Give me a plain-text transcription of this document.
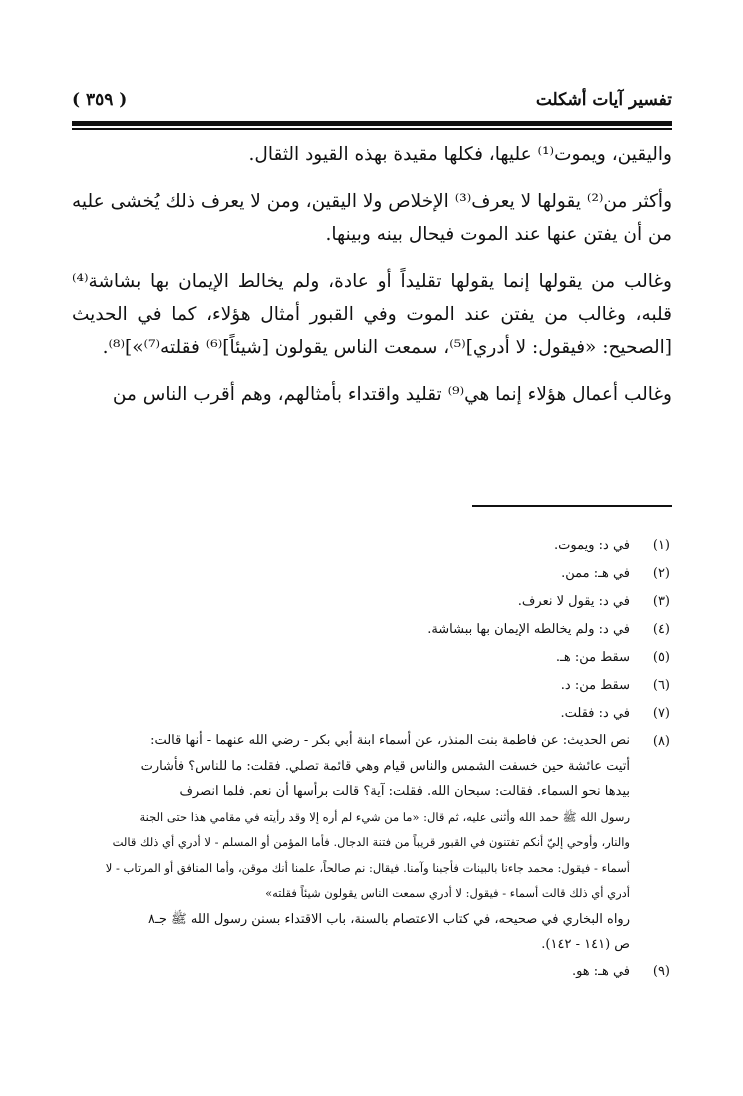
تفسير آيات أشكلت
( ٣٥٩ )

واليقين، ويموت⁽¹⁾ عليها، فكلها مقيدة بهذه القيود الثقال.

وأكثر من⁽²⁾ يقولها لا يعرف⁽³⁾ الإخلاص ولا اليقين، ومن لا يعرف ذلك يُخشى عليه من أن يفتن عنها عند الموت فيحال بينه وبينها.

وغالب من يقولها إنما يقولها تقليداً أو عادة، ولم يخالط الإيمان بها بشاشة⁽⁴⁾ قلبه، وغالب من يفتن عند الموت وفي القبور أمثال هؤلاء، كما في الحديث [الصحيح: «فيقول: لا أدري]⁽⁵⁾، سمعت الناس يقولون [شيئاً]⁽⁶⁾ فقلته⁽⁷⁾»]⁽⁸⁾.

وغالب أعمال هؤلاء إنما هي⁽⁹⁾ تقليد واقتداء بأمثالهم، وهم أقرب الناس من

(١)
في د: ويموت.
(٢)
في هـ: ممن.
(٣)
في د: يقول لا نعرف.
(٤)
في د: ولم يخالطه الإيمان بها ببشاشة.
(٥)
سقط من: هـ.
(٦)
سقط من: د.
(٧)
في د: فقلت.
(٨)
نص الحديث: عن فاطمة بنت المنذر، عن أسماء ابنة أبي بكر - رضي الله عنهما - أنها قالت:
أتيت عائشة حين خسفت الشمس والناس قيام وهي قائمة تصلي. فقلت: ما للناس؟ فأشارت
بيدها نحو السماء. فقالت: سبحان الله. فقلت: آية؟ قالت برأسها أن نعم. فلما انصرف
رسول الله ﷺ حمد الله وأثنى عليه، ثم قال: «ما من شيء لم أره إلا وقد رأيته في مقامي هذا حتى الجنة
والنار، وأوحي إليّ أنكم تفتنون في القبور قريباً من فتنة الدجال. فأما المؤمن أو المسلم - لا أدري أي ذلك قالت
أسماء - فيقول: محمد جاءنا بالبينات فأجبنا وآمنا. فيقال: نم صالحاً، علمنا أنك موقن، وأما المنافق أو المرتاب - لا
أدري أي ذلك قالت أسماء - فيقول: لا أدري سمعت الناس يقولون شيئاً فقلته»
رواه البخاري في صحيحه، في كتاب الاعتصام بالسنة، باب الاقتداء بسنن رسول الله ﷺ جـ٨
ص (١٤١ - ١٤٢).
(٩)
في هـ: هو.
